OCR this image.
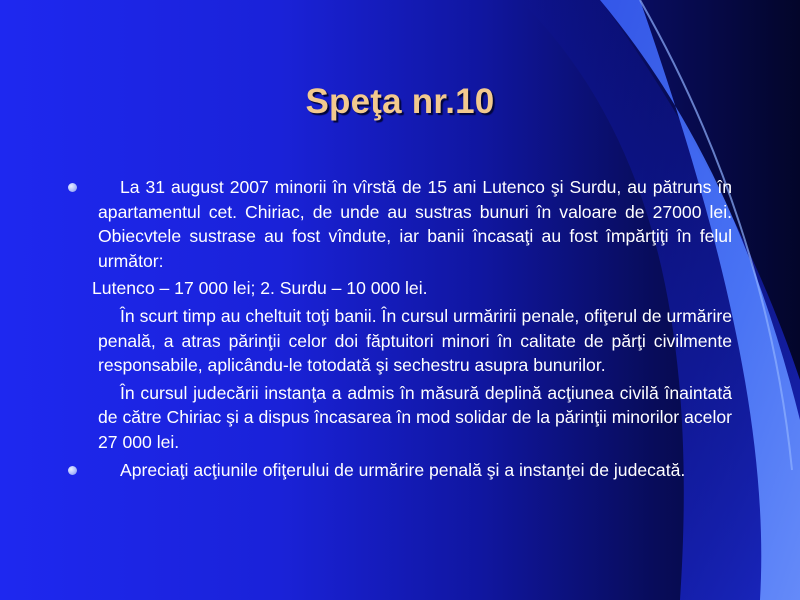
Speţa nr.10

La 31 august 2007 minorii în vîrstă de 15 ani Lutenco şi Surdu, au pătruns în apartamentul cet. Chiriac, de unde au sustras bunuri în valoare de 27000 lei. Obiecvtele sustrase au fost vîndute, iar banii încasaţi au fost împărţiţi în felul următor:

Lutenco – 17 000 lei; 2. Surdu – 10 000 lei.

În scurt timp au cheltuit toţi banii. În cursul urmăririi penale, ofiţerul de urmărire penală, a atras părinţii celor doi făptuitori minori în calitate de părţi civilmente responsabile, aplicându-le totodată şi sechestru asupra bunurilor.

În cursul judecării instanţa a admis în măsură deplină acţiunea civilă înaintată de către Chiriac şi a dispus încasarea în mod solidar de la părinţii minorilor acelor 27 000 lei.

Apreciaţi acţiunile ofiţerului de urmărire penală şi a instanţei de judecată.
